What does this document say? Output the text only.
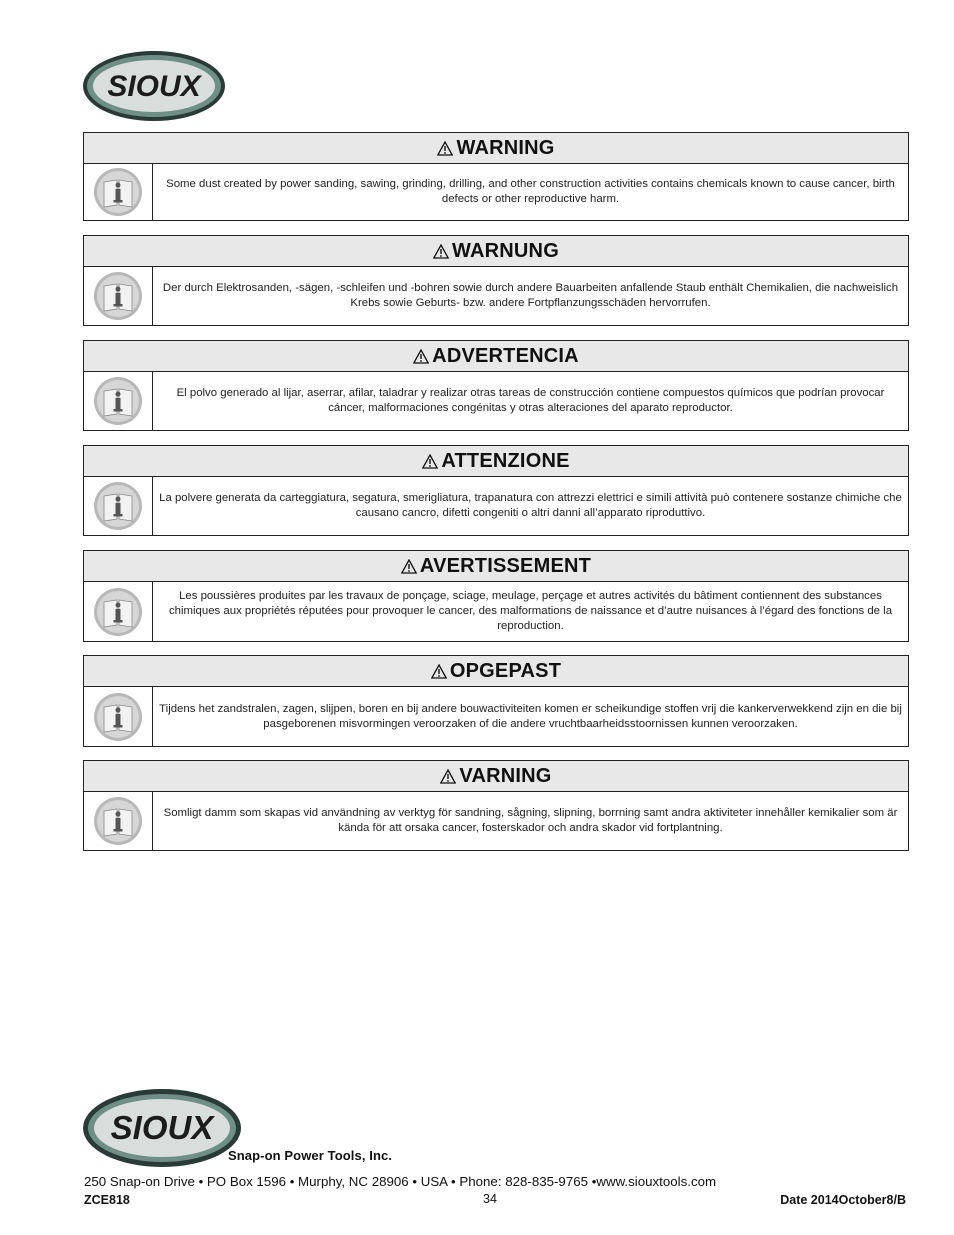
SIOUX
WARNING
Some dust created by power sanding, sawing, grinding, drilling, and other construction activities contains chemicals known to cause cancer, birth defects or other reproductive harm.
WARNUNG
Der durch Elektrosanden, -sägen, -schleifen und -bohren sowie durch andere Bauarbeiten anfallende Staub enthält Chemikalien, die nachweislich Krebs sowie Geburts- bzw. andere Fortpflanzungsschäden hervorrufen.
ADVERTENCIA
El polvo generado al lijar, aserrar, afilar, taladrar y realizar otras tareas de construcción contiene compuestos químicos que podrían provocar cáncer, malformaciones congénitas y otras alteraciones del aparato reproductor.
ATTENZIONE
La polvere generata da carteggiatura, segatura, smerigliatura, trapanatura con attrezzi elettrici e simili attività può contenere sostanze chimiche che causano cancro, difetti congeniti o altri danni all’apparato riproduttivo.
AVERTISSEMENT
Les poussières produites par les travaux de ponçage, sciage, meulage, perçage et autres activités du bâtiment contiennent des substances chimiques aux propriétés réputées pour provoquer le cancer, des malformations de naissance et d’autre nuisances à l’égard des fonctions de la reproduction.
OPGEPAST
Tijdens het zandstralen, zagen, slijpen, boren en bij andere bouwactiviteiten komen er scheikundige stoffen vrij die kankerverwekkend zijn en die bij pasgeborenen misvormingen veroorzaken of die andere vruchtbaarheidsstoornissen kunnen veroorzaken.
VARNING
Somligt damm som skapas vid användning av verktyg för sandning, sågning, slipning, borrning samt andra aktiviteter innehåller kemikalier som är kända för att orsaka cancer, fosterskador och andra skador vid fortplantning.
SIOUX
Snap-on Power Tools, Inc.
250 Snap-on Drive • PO Box 1596 • Murphy, NC 28906 • USA • Phone: 828-835-9765 •www.siouxtools.com
ZCE818	34	Date 2014October8/B
